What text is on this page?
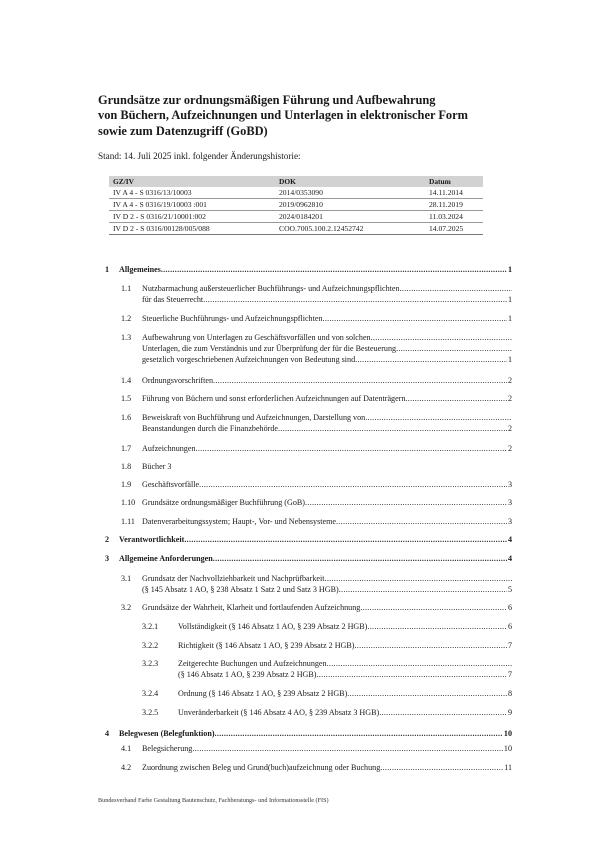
Grundsätze zur ordnungsmäßigen Führung und Aufbewahrung
von Büchern, Aufzeichnungen und Unterlagen in elektronischer Form
sowie zum Datenzugriff (GoBD)
Stand: 14. Juli 2025 inkl. folgender Änderungshistorie:
GZ/IV	DOK	Datum
IV A 4 - S 0316/13/10003	2014/0353090	14.11.2014
IV A 4 - S 0316/19/10003 :001	2019/0962810	28.11.2019
IV D 2 - S 0316/21/10001:002	2024/0184201	11.03.2024
IV D 2 - S 0316/00128/005/088	COO.7005.100.2.12452742	14.07.2025
1 Allgemeines .....	1
1.1 Nutzbarmachung außersteuerlicher Buchführungs- und Aufzeichnungspflichten
.....
für das Steuerrecht .....	1
1.2 Steuerliche Buchführungs- und Aufzeichnungspflichten .....	1
1.3 Aufbewahrung von Unterlagen zu Geschäftsvorfällen und von solchen
.....
Unterlagen, die zum Verständnis und zur Überprüfung der für die Besteuerung
.....
gesetzlich vorgeschriebenen Aufzeichnungen von Bedeutung sind .....	1
1.4 Ordnungsvorschriften .....	2
1.5 Führung von Büchern und sonst erforderlichen Aufzeichnungen auf Datenträgern .....	2
1.6 Beweiskraft von Buchführung und Aufzeichnungen, Darstellung von
.....
Beanstandungen durch die Finanzbehörde .....	2
1.7 Aufzeichnungen .....	2
1.8 Bücher 3
1.9 Geschäftsvorfälle .....	3
1.10 Grundsätze ordnungsmäßiger Buchführung (GoB) .....	3
1.11 Datenverarbeitungssystem; Haupt-, Vor- und Nebensysteme .....	3
2 Verantwortlichkeit .....	4
3 Allgemeine Anforderungen .....	4
3.1 Grundsatz der Nachvollziehbarkeit und Nachprüfbarkeit
.....
(§ 145 Absatz 1 AO, § 238 Absatz 1 Satz 2 und Satz 3 HGB) .....	5
3.2 Grundsätze der Wahrheit, Klarheit und fortlaufenden Aufzeichnung .....	6
3.2.1 Vollständigkeit (§ 146 Absatz 1 AO, § 239 Absatz 2 HGB) .....	6
3.2.2 Richtigkeit (§ 146 Absatz 1 AO, § 239 Absatz 2 HGB) .....	7
3.2.3 Zeitgerechte Buchungen und Aufzeichnungen
.....
(§ 146 Absatz 1 AO, § 239 Absatz 2 HGB) .....	7
3.2.4 Ordnung (§ 146 Absatz 1 AO, § 239 Absatz 2 HGB) .....	8
3.2.5 Unveränderbarkeit (§ 146 Absatz 4 AO, § 239 Absatz 3 HGB) .....	9
4 Belegwesen (Belegfunktion) .....	10
4.1 Belegsicherung .....	10
4.2 Zuordnung zwischen Beleg und Grund(buch)aufzeichnung oder Buchung .....	11
Bundesverband Farbe Gestaltung Bautenschutz, Fachberatungs- und Informationsstelle (FIS)
